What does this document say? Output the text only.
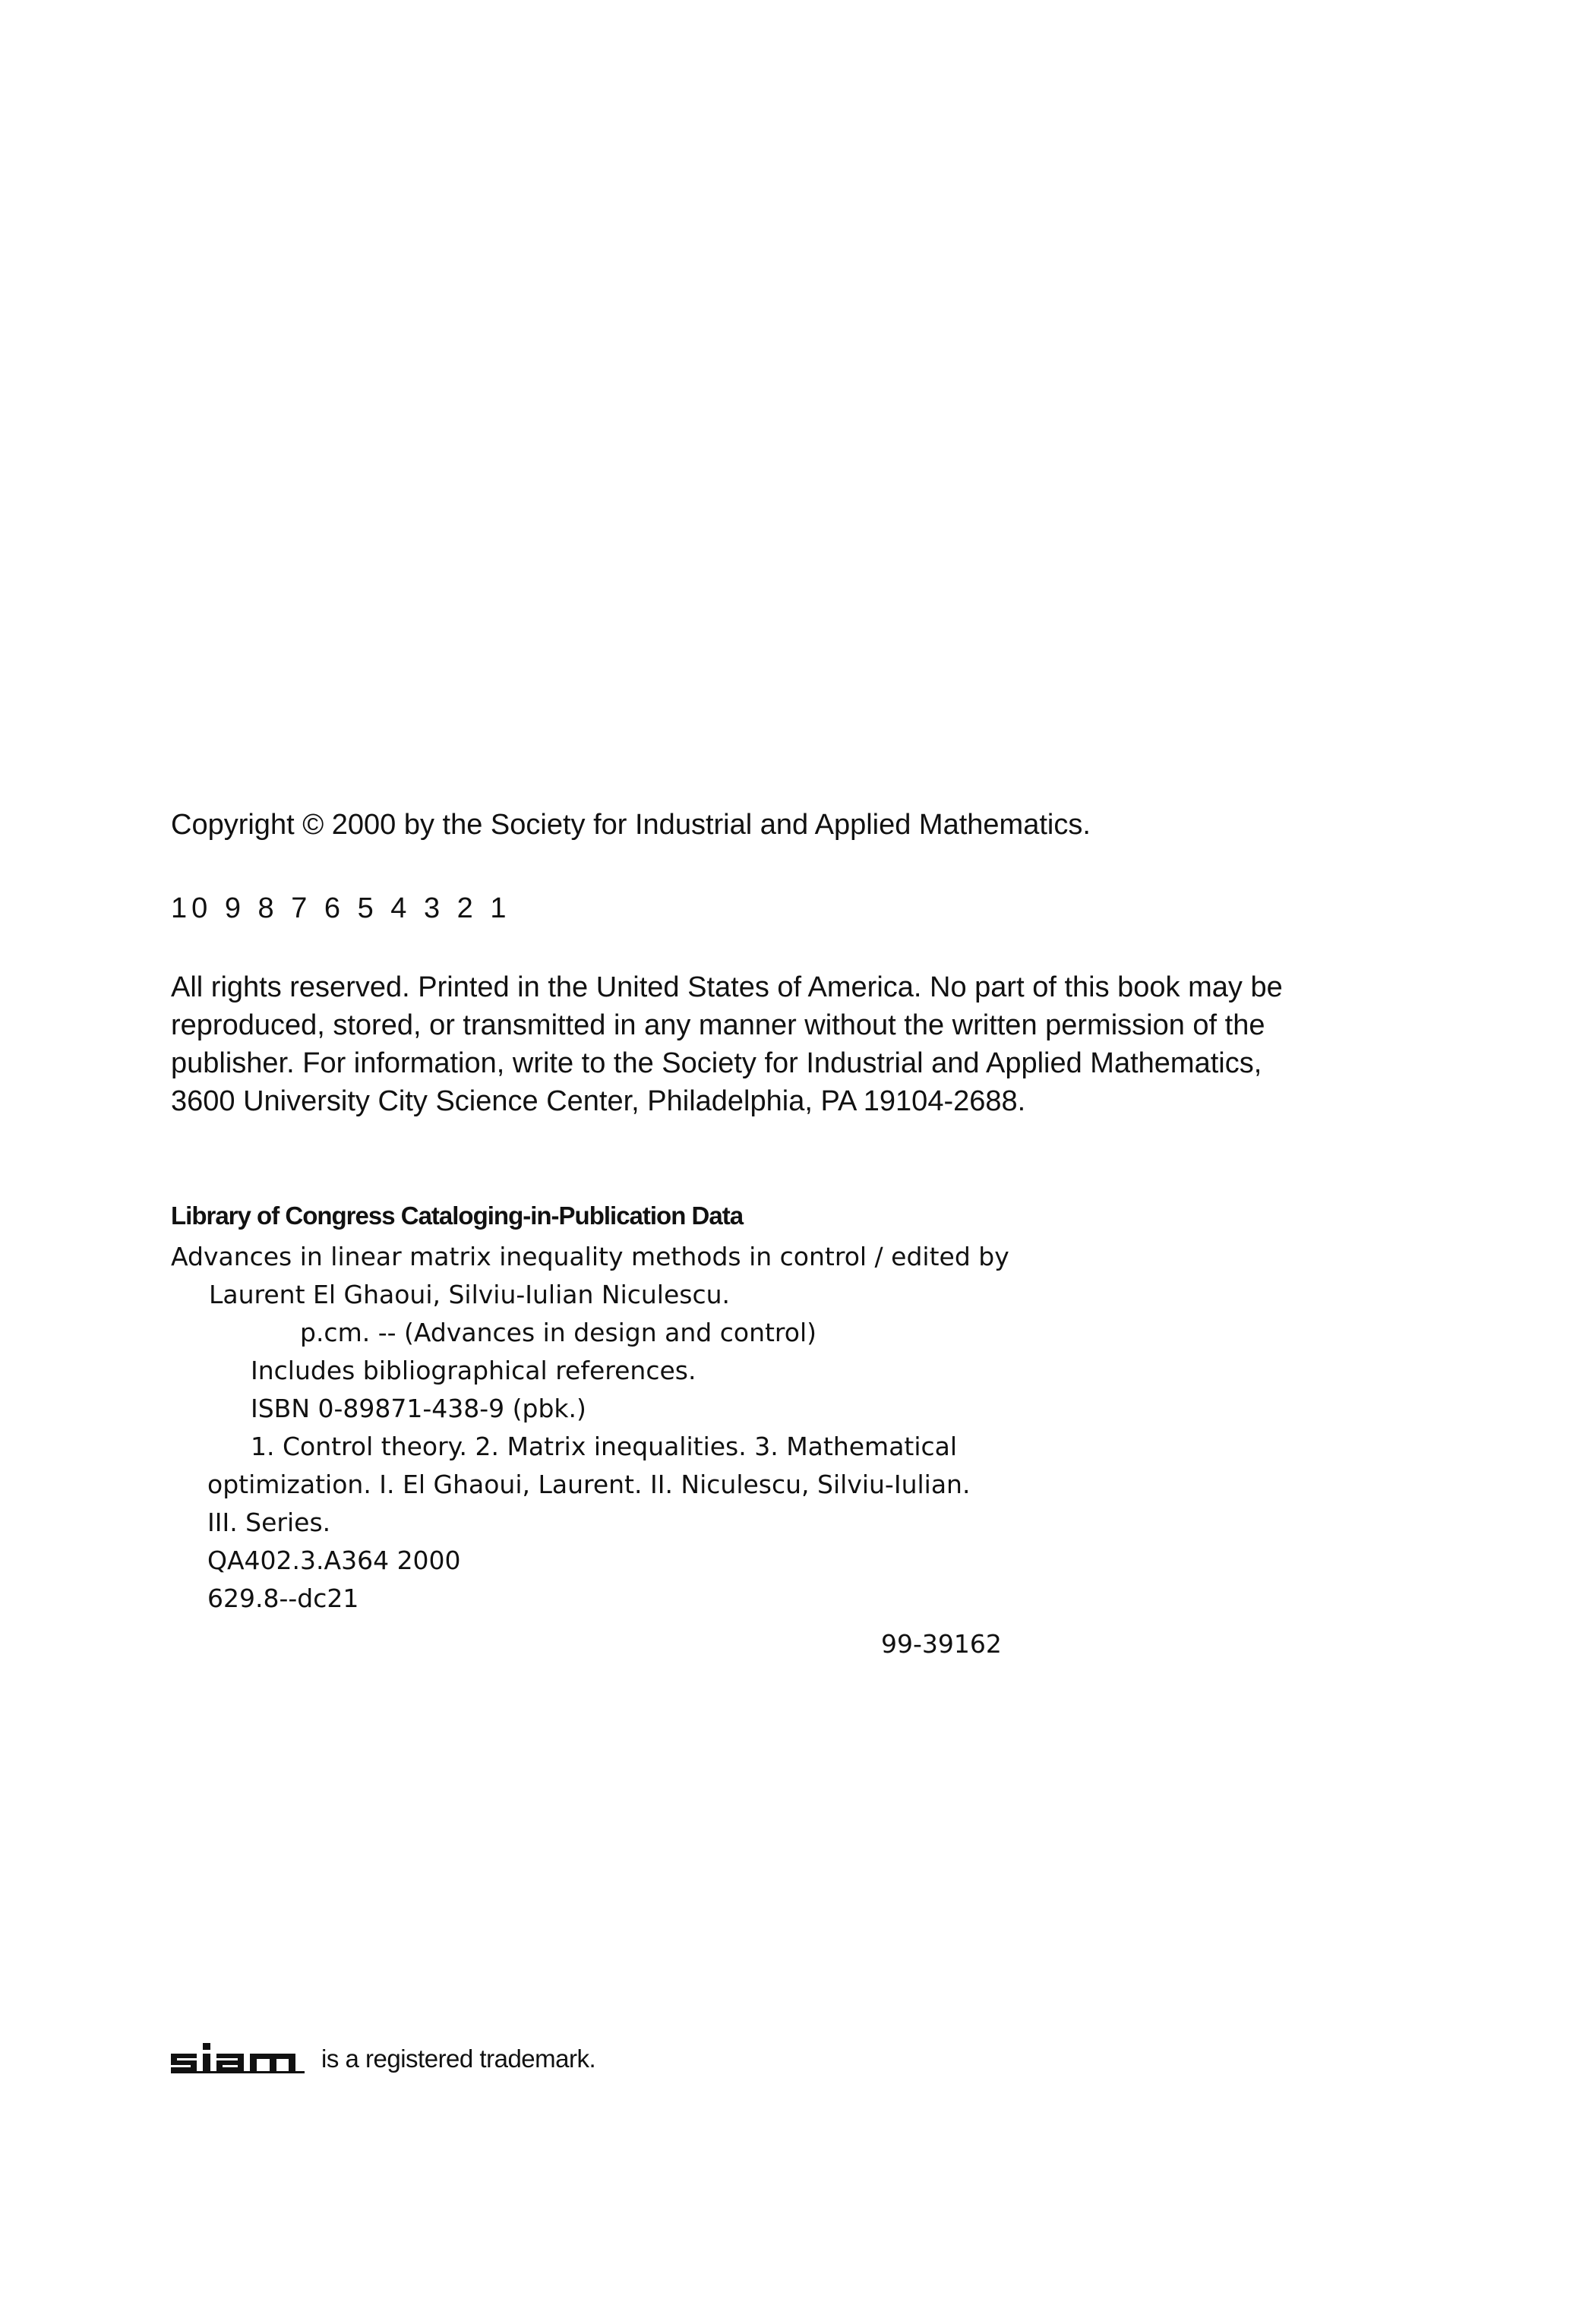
Copyright © 2000 by the Society for Industrial and Applied Mathematics.
10 9 8 7 6 5 4 3 2 1
All rights reserved. Printed in the United States of America. No part of this book may be
reproduced, stored, or transmitted in any manner without the written permission of the
publisher. For information, write to the Society for Industrial and Applied Mathematics,
3600 University City Science Center, Philadelphia, PA 19104-2688.
Library of Congress Cataloging-in-Publication Data
Advances in linear matrix inequality methods in control / edited by
Laurent El Ghaoui, Silviu-Iulian Niculescu.
p.cm. -- (Advances in design and control)
Includes bibliographical references.
ISBN 0-89871-438-9 (pbk.)
1. Control theory. 2. Matrix inequalities. 3. Mathematical
optimization. I. El Ghaoui, Laurent. II. Niculescu, Silviu-Iulian.
III. Series.
QA402.3.A364 2000
629.8--dc21
99-39162
is a registered trademark.
